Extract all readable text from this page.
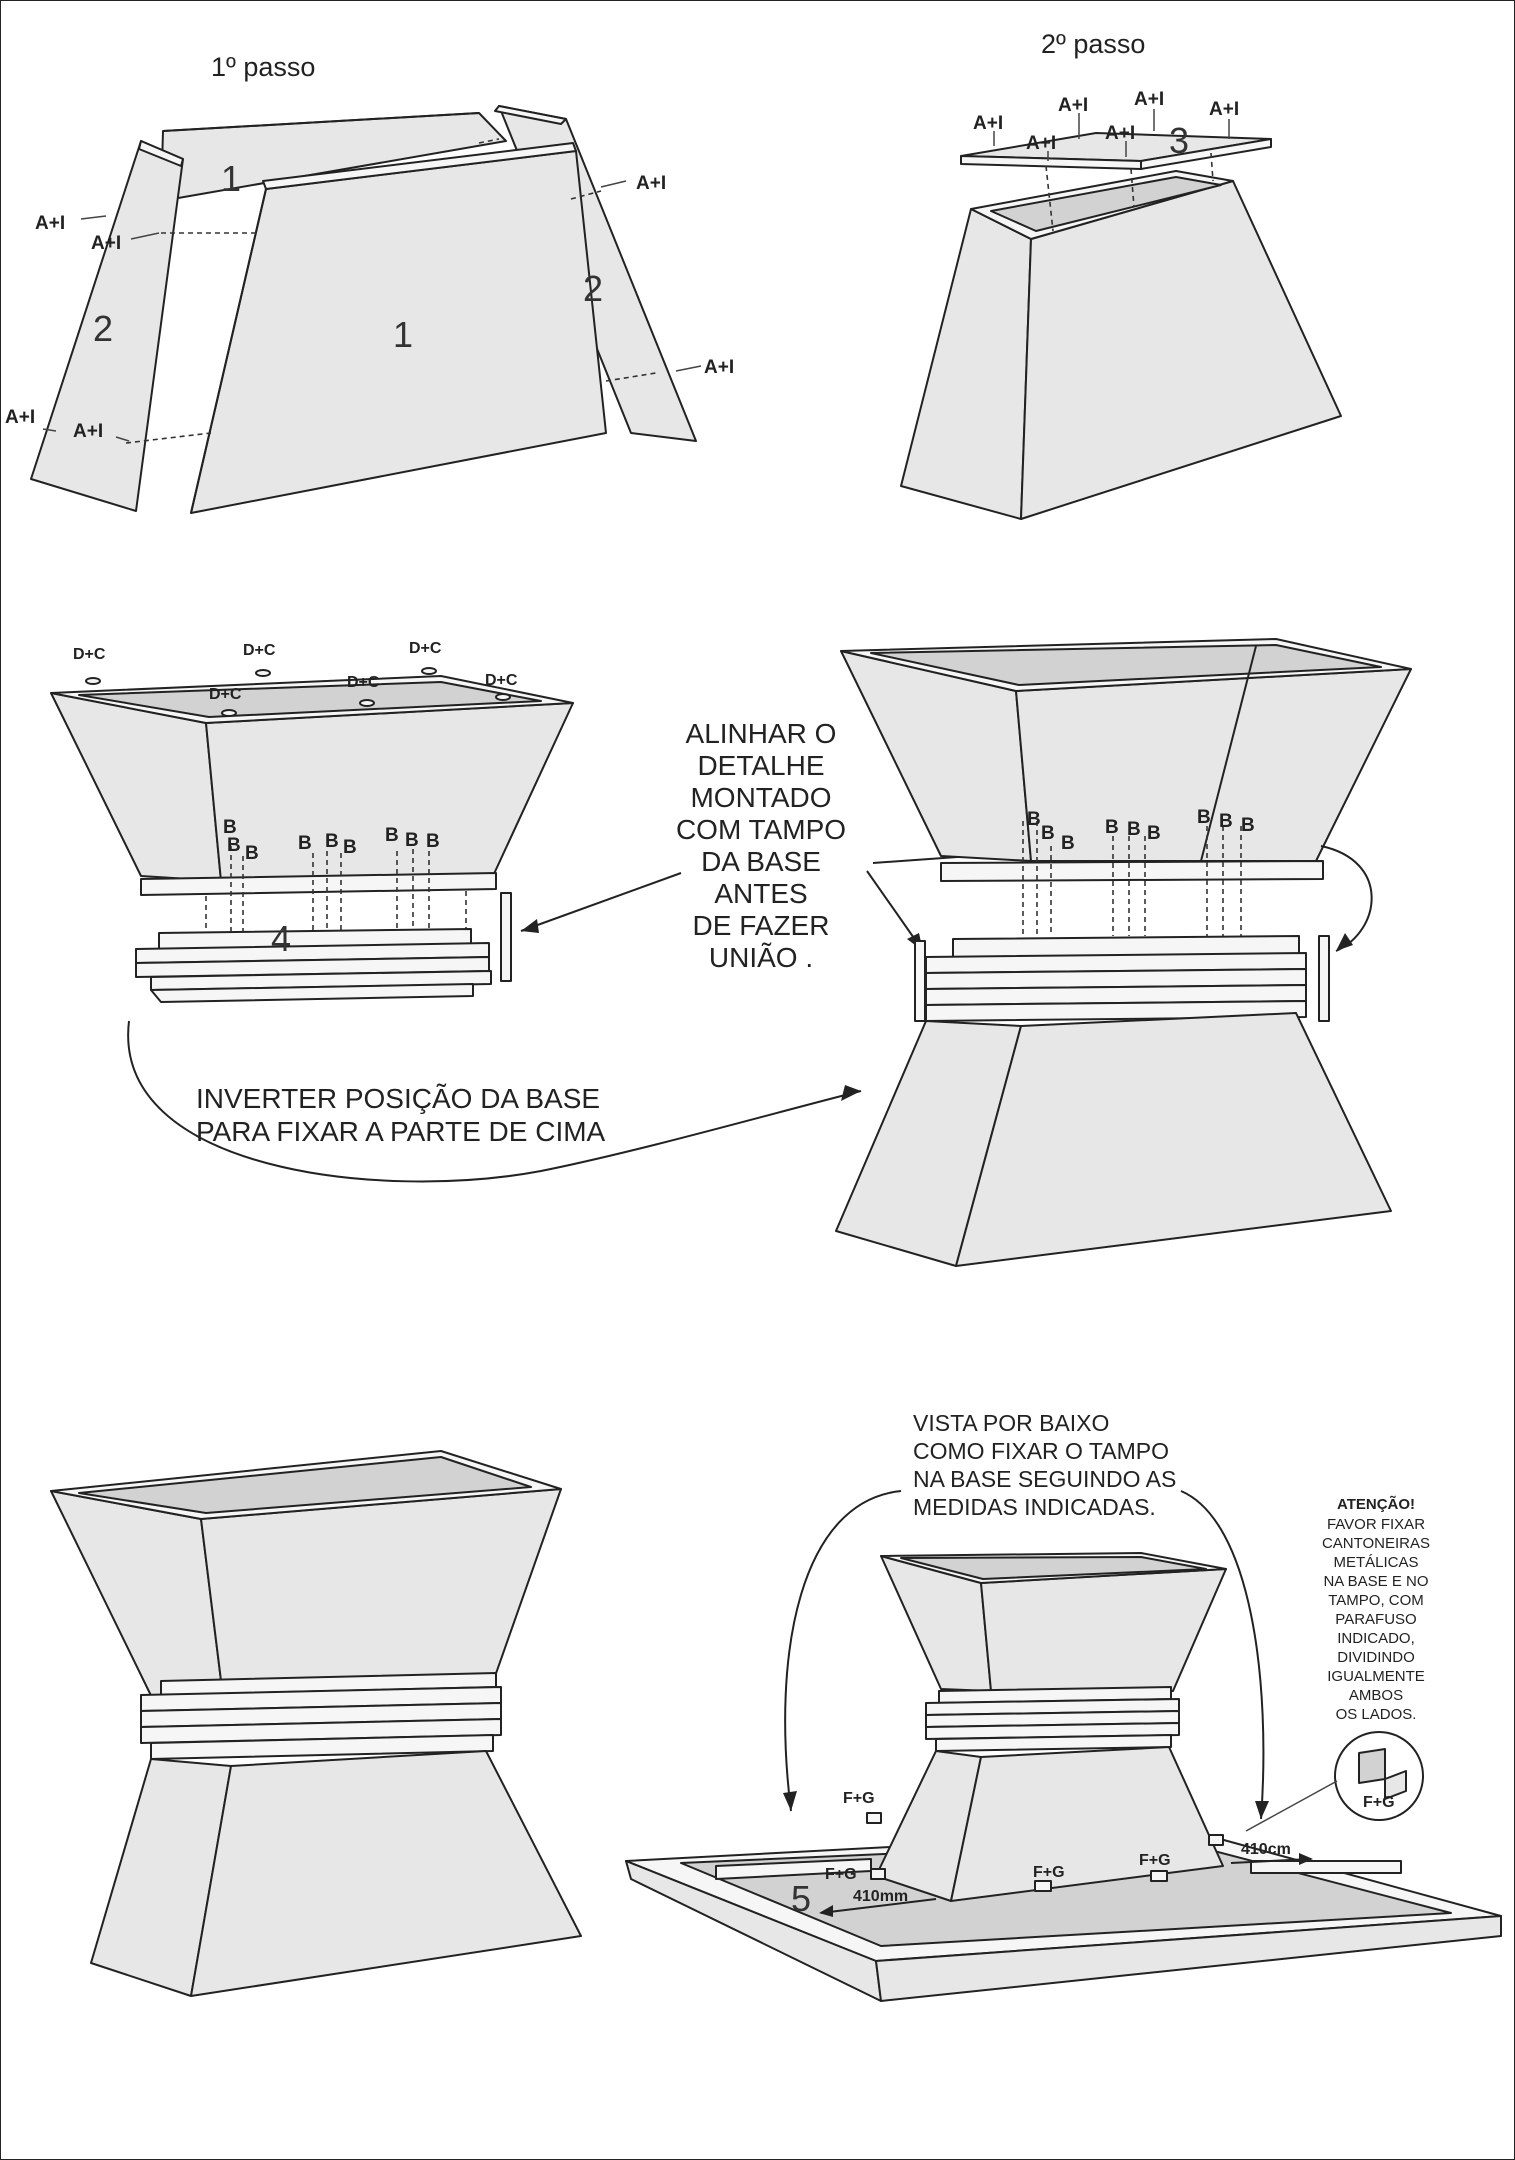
1º passo
A+I
A+I
A+I
A+I
A+I
A+I
1
1
2
2
2º passo
A+I
A+I
A+I
A+I
A+I A+I
3
B
B B B B B
B B B
4
D+C	D+C	D+C
D+C
D+C	D+C
ALINHAR O
DETALHE
MONTADO
COM TAMPO
DA BASE
ANTES
DE FAZER
UNIÃO .
INVERTER POSIÇÃO DA BASE
PARA FIXAR A PARTE DE CIMA
B
B B
B B B
B B B
VISTA POR BAIXO
COMO FIXAR O TAMPO
NA BASE SEGUINDO AS
MEDIDAS INDICADAS.	ATENÇÃO!
FAVOR FIXAR
CANTONEIRAS
METÁLICAS
NA BASE E NO
TAMPO, COM
PARAFUSO
INDICADO,
DIVIDINDO
IGUALMENTE
AMBOS
OS LADOS.
F+G
F+G
F+G	F+G
F+G
410mm
410cm
5
